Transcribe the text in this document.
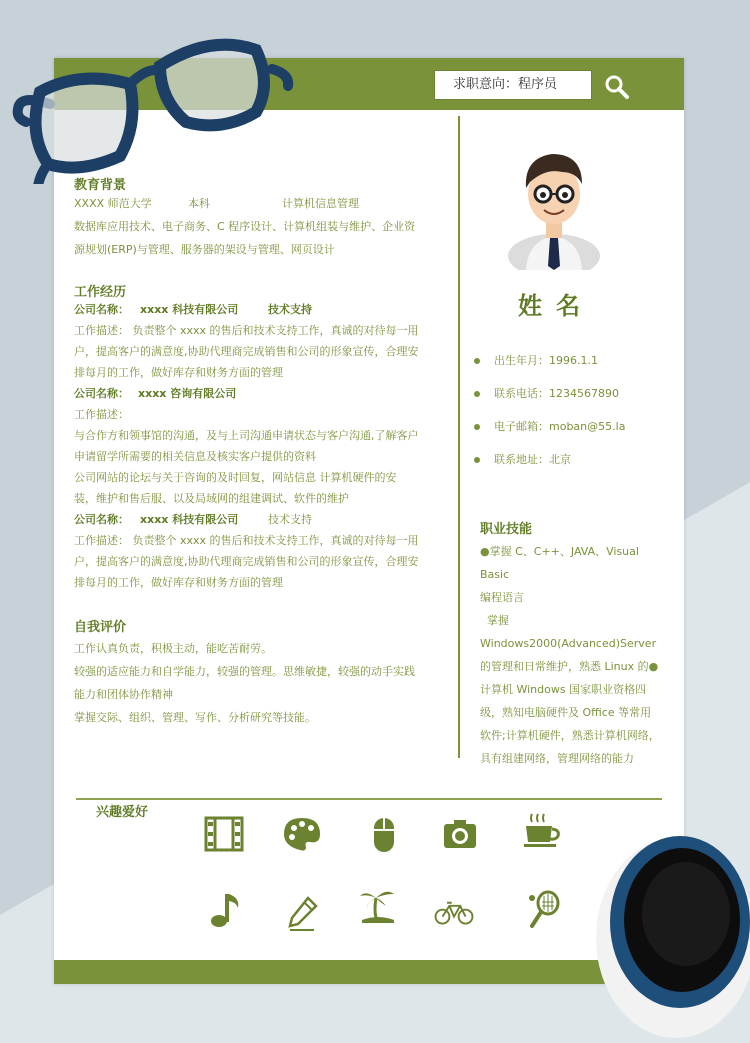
求职意向：程序员
教育背景
XXXX 师范大学	本科	计算机信息管理
数据库应用技术、电子商务、C 程序设计、计算机组装与维护、企业资
源规划(ERP)与管理、服务器的架设与管理、网页设计
工作经历
公司名称： xxxx 科技有限公司	技术支持
工作描述： 负责整个 xxxx 的售后和技术支持工作，真诚的对待每一用
户，提高客户的满意度,协助代理商完成销售和公司的形象宣传，合理安
排每月的工作，做好库存和财务方面的管理
公司名称： xxxx 咨询有限公司
工作描述：
与合作方和领事馆的沟通，及与上司沟通申请状态与客户沟通,了解客户
申请留学所需要的相关信息及核实客户提供的资料
公司网站的论坛与关于咨询的及时回复，网站信息 计算机硬件的安
装，维护和售后服、以及局域网的组建调试、软件的维护
公司名称： xxxx 科技有限公司	技术支持
工作描述： 负责整个 xxxx 的售后和技术支持工作，真诚的对待每一用
户，提高客户的满意度,协助代理商完成销售和公司的形象宣传，合理安
排每月的工作，做好库存和财务方面的管理
自我评价
工作认真负责，积极主动，能吃苦耐劳。
较强的适应能力和自学能力，较强的管理。思维敏捷，较强的动手实践
能力和团体协作精神
掌握交际、组织、管理、写作、分析研究等技能。
姓名
出生年月：1996.1.1
联系电话：1234567890
电子邮箱：moban@55.la
联系地址：北京
职业技能
●掌握 C、C++、JAVA、Visual Basic
编程语言
掌握
Windows2000(Advanced)Server
的管理和日常维护，熟悉 Linux 的●
计算机 Windows 国家职业资格四
级，熟知电脑硬件及 Office 等常用
软件;计算机硬件，熟悉计算机网络，
具有组建网络，管理网络的能力
兴趣爱好
